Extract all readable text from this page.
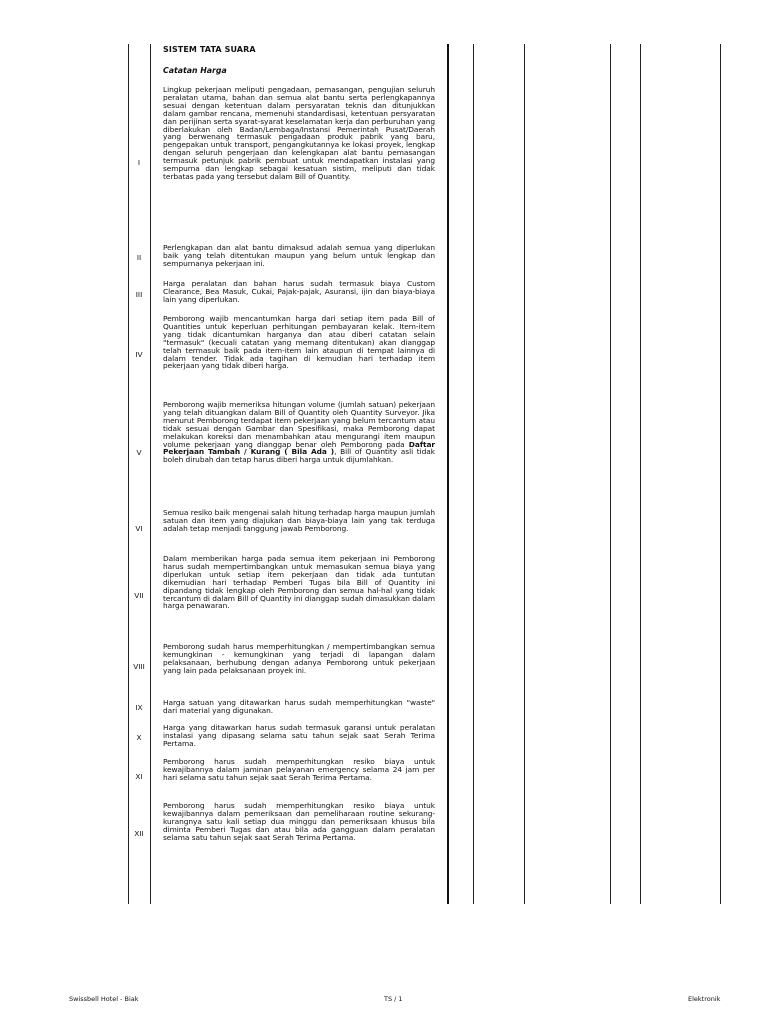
SISTEM TATA SUARA
Catatan Harga
I
Lingkup pekerjaan meliputi pengadaan, pemasangan, pengujian seluruh peralatan utama, bahan dan semua alat bantu serta perlengkapannya sesuai dengan ketentuan dalam persyaratan teknis dan ditunjukkan dalam gambar rencana, memenuhi standardisasi, ketentuan persyaratan dan perijinan serta syarat-syarat keselamatan kerja dan perburuhan yang diberlakukan oleh Badan/Lembaga/Instansi Pemerintah Pusat/Daerah yang berwenang termasuk pengadaan produk pabrik yang baru, pengepakan untuk transport, pengangkutannya ke lokasi proyek, lengkap dengan seluruh pengerjaan dan kelengkapan alat bantu pemasangan termasuk petunjuk pabrik pembuat untuk mendapatkan instalasi yang sempurna dan lengkap sebagai kesatuan sistim, meliputi dan tidak terbatas pada yang tersebut dalam Bill of Quantity.
II
Perlengkapan dan alat bantu dimaksud adalah semua yang diperlukan baik yang telah ditentukan maupun yang belum untuk lengkap dan sempurnanya pekerjaan ini.
III
Harga peralatan dan bahan harus sudah termasuk biaya Custom Clearance, Bea Masuk, Cukai, Pajak-pajak, Asuransi, ijin dan biaya-biaya lain yang diperlukan.
IV
Pemborong wajib mencantumkan harga dari setiap item pada Bill of Quantities untuk keperluan perhitungan pembayaran kelak. Item-item yang tidak dicantumkan harganya dan atau diberi catatan selain "termasuk" (kecuali catatan yang memang ditentukan) akan dianggap telah termasuk baik pada item-item lain ataupun di tempat lainnya di dalam tender. Tidak ada tagihan di kemudian hari terhadap item pekerjaan yang tidak diberi harga.
V
Pemborong wajib memeriksa hitungan volume (jumlah satuan) pekerjaan yang telah dituangkan dalam Bill of Quantity oleh Quantity Surveyor. Jika menurut Pemborong terdapat item pekerjaan yang belum tercantum atau tidak sesuai dengan Gambar dan Spesifikasi, maka Pemborong dapat melakukan koreksi dan menambahkan atau mengurangi item maupun volume pekerjaan yang dianggap benar oleh Pemborong pada Daftar Pekerjaan Tambah / Kurang ( Bila Ada ), Bill of Quantity asli tidak boleh dirubah dan tetap harus diberi harga untuk dijumlahkan.
VI
Semua resiko baik mengenai salah hitung terhadap harga maupun jumlah satuan dan item yang diajukan dan biaya-biaya lain yang tak terduga adalah tetap menjadi tanggung jawab Pemborong.
VII
Dalam memberikan harga pada semua item pekerjaan ini Pemborong harus sudah mempertimbangkan untuk memasukan semua biaya yang diperlukan untuk setiap item pekerjaan dan tidak ada tuntutan dikemudian hari terhadap Pemberi Tugas bila Bill of Quantity ini dipandang tidak lengkap oleh Pemborong dan semua hal-hal yang tidak tercantum di dalam Bill of Quantity ini dianggap sudah dimasukkan dalam harga penawaran.
VIII
Pemborong sudah harus memperhitungkan / mempertimbangkan semua kemungkinan - kemungkinan yang terjadi di lapangan dalam pelaksanaan, berhubung dengan adanya Pemborong untuk pekerjaan yang lain pada pelaksanaan proyek ini.
IX
Harga satuan yang ditawarkan harus sudah memperhitungkan "waste" dari material yang digunakan.
X
Harga yang ditawarkan harus sudah termasuk garansi untuk peralatan instalasi yang dipasang selama satu tahun sejak saat Serah Terima Pertama.
XI
Pemborong harus sudah memperhitungkan resiko biaya untuk kewajibannya dalam jaminan pelayanan emergency selama 24 jam per hari selama satu tahun sejak saat Serah Terima Pertama.
XII
Pemborong harus sudah memperhitungkan resiko biaya untuk kewajibannya dalam pemeriksaan dan pemeliharaan routine sekurang-kurangnya satu kali setiap dua minggu dan pemeriksaan khusus bila diminta Pemberi Tugas dan atau bila ada gangguan dalam peralatan selama satu tahun sejak saat Serah Terima Pertama.
Swissbell Hotel - Biak	TS / 1	Elektronik
